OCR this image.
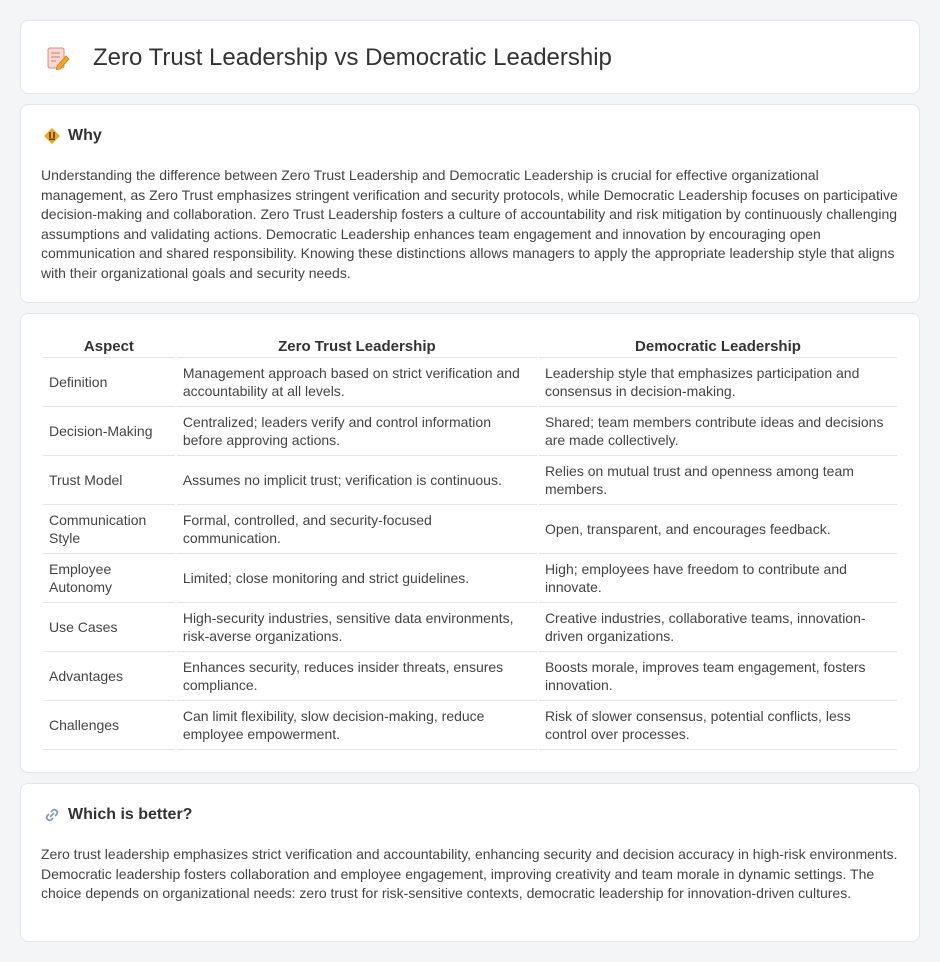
Zero Trust Leadership vs Democratic Leadership
Why

Understanding the difference between Zero Trust Leadership and Democratic Leadership is crucial for effective organizational management, as Zero Trust emphasizes stringent verification and security protocols, while Democratic Leadership focuses on participative decision-making and collaboration. Zero Trust Leadership fosters a culture of accountability and risk mitigation by continuously challenging assumptions and validating actions. Democratic Leadership enhances team engagement and innovation by encouraging open communication and shared responsibility. Knowing these distinctions allows managers to apply the appropriate leadership style that aligns with their organizational goals and security needs.

Aspect	Zero Trust Leadership	Democratic Leadership
Definition	Management approach based on strict verification and accountability at all levels.	Leadership style that emphasizes participation and consensus in decision-making.
Decision-Making	Centralized; leaders verify and control information before approving actions.	Shared; team members contribute ideas and decisions are made collectively.
Trust Model	Assumes no implicit trust; verification is continuous.	Relies on mutual trust and openness among team members.
Communication Style	Formal, controlled, and security-focused communication.	Open, transparent, and encourages feedback.
Employee Autonomy	Limited; close monitoring and strict guidelines.	High; employees have freedom to contribute and innovate.
Use Cases	High-security industries, sensitive data environments, risk-averse organizations.	Creative industries, collaborative teams, innovation-driven organizations.
Advantages	Enhances security, reduces insider threats, ensures compliance.	Boosts morale, improves team engagement, fosters innovation.
Challenges	Can limit flexibility, slow decision-making, reduce employee empowerment.	Risk of slower consensus, potential conflicts, less control over processes.
Which is better?

Zero trust leadership emphasizes strict verification and accountability, enhancing security and decision accuracy in high-risk environments. Democratic leadership fosters collaboration and employee engagement, improving creativity and team morale in dynamic settings. The choice depends on organizational needs: zero trust for risk-sensitive contexts, democratic leadership for innovation-driven cultures.
